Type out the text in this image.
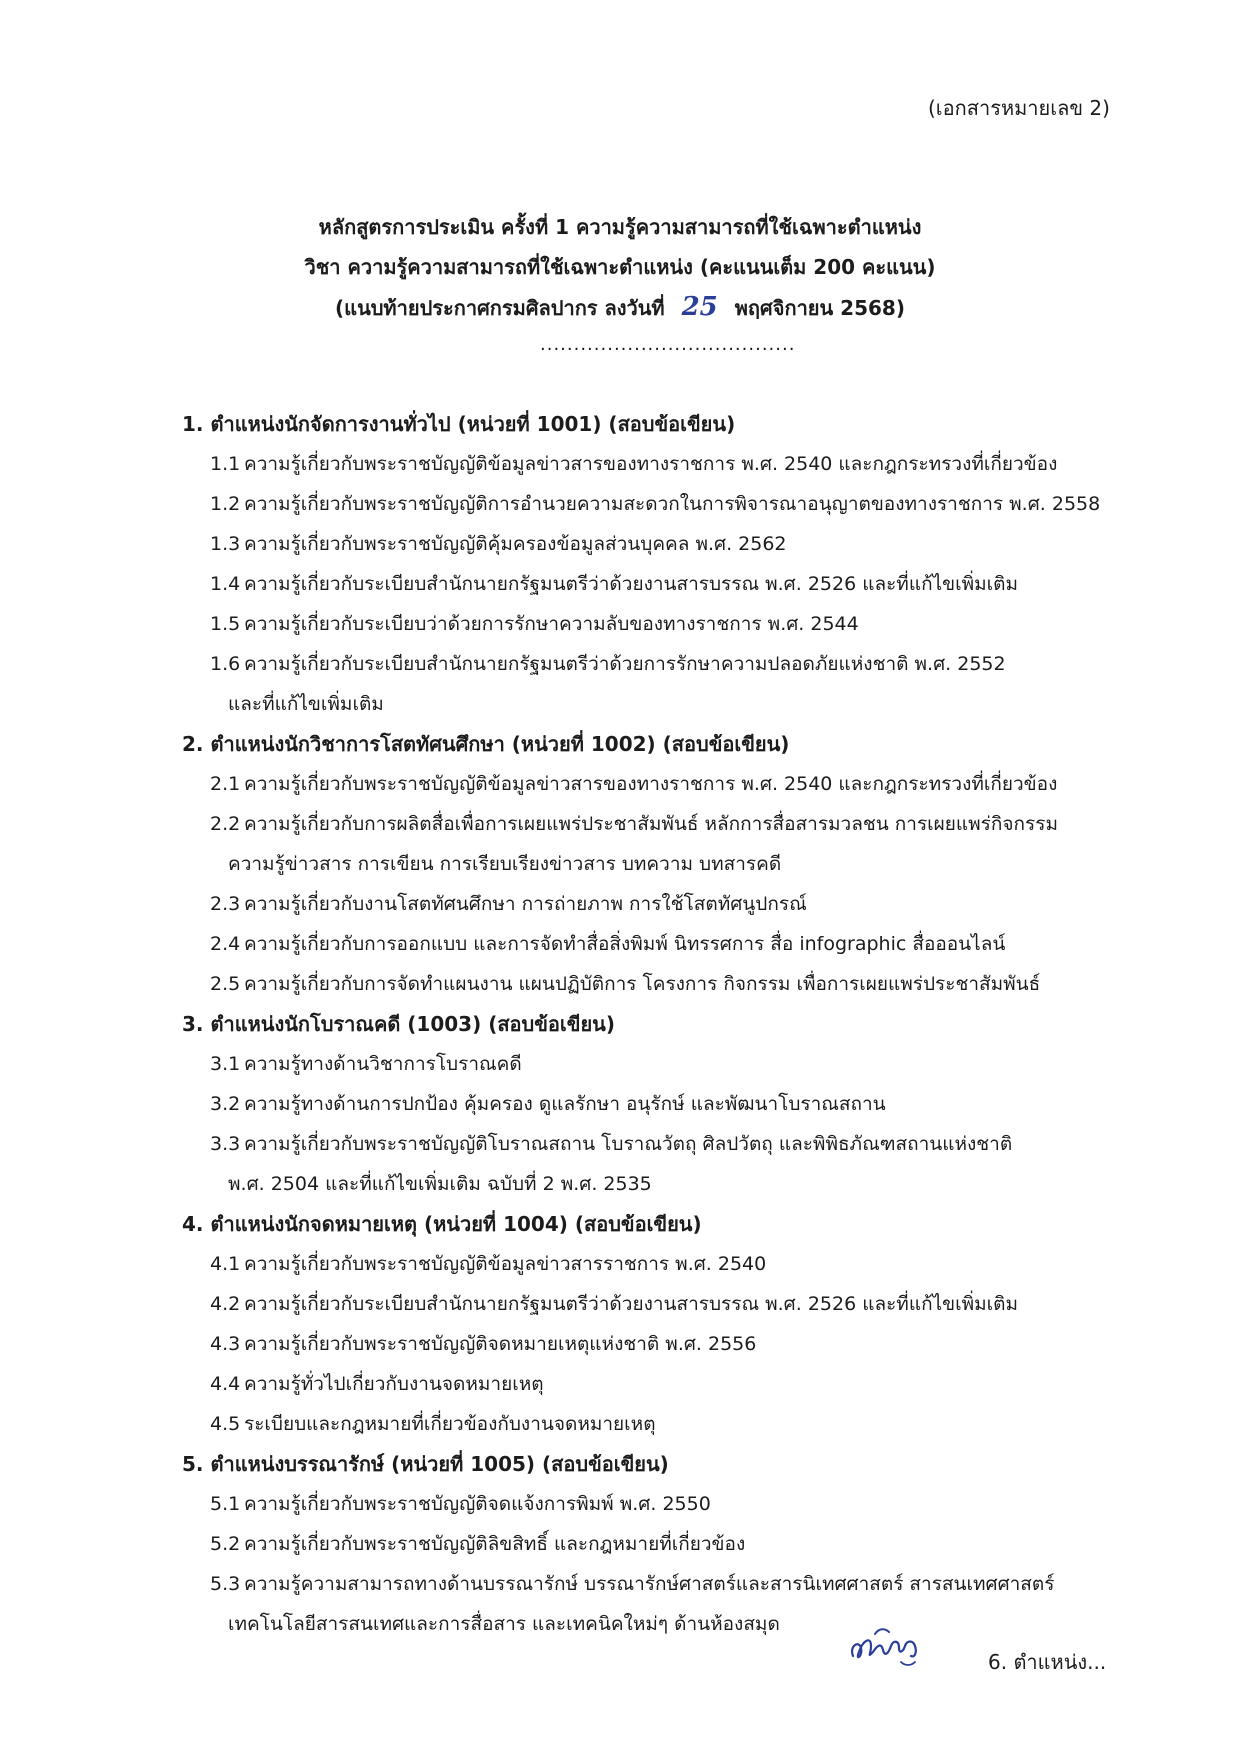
(เอกสารหมายเลข 2)
หลักสูตรการประเมิน ครั้งที่ 1 ความรู้ความสามารถที่ใช้เฉพาะตำแหน่ง
วิชา ความรู้ความสามารถที่ใช้เฉพาะตำแหน่ง (คะแนนเต็ม 200 คะแนน)
(แนบท้ายประกาศกรมศิลปากร ลงวันที่ 25 พฤศจิกายน 2568)
......................................
1. ตำแหน่งนักจัดการงานทั่วไป (หน่วยที่ 1001) (สอบข้อเขียน)
1.1 ความรู้เกี่ยวกับพระราชบัญญัติข้อมูลข่าวสารของทางราชการ พ.ศ. 2540 และกฎกระทรวงที่เกี่ยวข้อง
1.2 ความรู้เกี่ยวกับพระราชบัญญัติการอำนวยความสะดวกในการพิจารณาอนุญาตของทางราชการ พ.ศ. 2558
1.3 ความรู้เกี่ยวกับพระราชบัญญัติคุ้มครองข้อมูลส่วนบุคคล พ.ศ. 2562
1.4 ความรู้เกี่ยวกับระเบียบสำนักนายกรัฐมนตรีว่าด้วยงานสารบรรณ พ.ศ. 2526 และที่แก้ไขเพิ่มเติม
1.5 ความรู้เกี่ยวกับระเบียบว่าด้วยการรักษาความลับของทางราชการ พ.ศ. 2544
1.6 ความรู้เกี่ยวกับระเบียบสำนักนายกรัฐมนตรีว่าด้วยการรักษาความปลอดภัยแห่งชาติ พ.ศ. 2552
และที่แก้ไขเพิ่มเติม
2. ตำแหน่งนักวิชาการโสตทัศนศึกษา (หน่วยที่ 1002) (สอบข้อเขียน)
2.1 ความรู้เกี่ยวกับพระราชบัญญัติข้อมูลข่าวสารของทางราชการ พ.ศ. 2540 และกฎกระทรวงที่เกี่ยวข้อง
2.2 ความรู้เกี่ยวกับการผลิตสื่อเพื่อการเผยแพร่ประชาสัมพันธ์ หลักการสื่อสารมวลชน การเผยแพร่กิจกรรม
ความรู้ข่าวสาร การเขียน การเรียบเรียงข่าวสาร บทความ บทสารคดี
2.3 ความรู้เกี่ยวกับงานโสตทัศนศึกษา การถ่ายภาพ การใช้โสตทัศนูปกรณ์
2.4 ความรู้เกี่ยวกับการออกแบบ และการจัดทำสื่อสิ่งพิมพ์ นิทรรศการ สื่อ infographic สื่อออนไลน์
2.5 ความรู้เกี่ยวกับการจัดทำแผนงาน แผนปฏิบัติการ โครงการ กิจกรรม เพื่อการเผยแพร่ประชาสัมพันธ์
3. ตำแหน่งนักโบราณคดี (1003) (สอบข้อเขียน)
3.1 ความรู้ทางด้านวิชาการโบราณคดี
3.2 ความรู้ทางด้านการปกป้อง คุ้มครอง ดูแลรักษา อนุรักษ์ และพัฒนาโบราณสถาน
3.3 ความรู้เกี่ยวกับพระราชบัญญัติโบราณสถาน โบราณวัตถุ ศิลปวัตถุ และพิพิธภัณฑสถานแห่งชาติ
พ.ศ. 2504 และที่แก้ไขเพิ่มเติม ฉบับที่ 2 พ.ศ. 2535
4. ตำแหน่งนักจดหมายเหตุ (หน่วยที่ 1004) (สอบข้อเขียน)
4.1 ความรู้เกี่ยวกับพระราชบัญญัติข้อมูลข่าวสารราชการ พ.ศ. 2540
4.2 ความรู้เกี่ยวกับระเบียบสำนักนายกรัฐมนตรีว่าด้วยงานสารบรรณ พ.ศ. 2526 และที่แก้ไขเพิ่มเติม
4.3 ความรู้เกี่ยวกับพระราชบัญญัติจดหมายเหตุแห่งชาติ พ.ศ. 2556
4.4 ความรู้ทั่วไปเกี่ยวกับงานจดหมายเหตุ
4.5 ระเบียบและกฎหมายที่เกี่ยวข้องกับงานจดหมายเหตุ
5. ตำแหน่งบรรณารักษ์ (หน่วยที่ 1005) (สอบข้อเขียน)
5.1 ความรู้เกี่ยวกับพระราชบัญญัติจดแจ้งการพิมพ์ พ.ศ. 2550
5.2 ความรู้เกี่ยวกับพระราชบัญญัติลิขสิทธิ์ และกฎหมายที่เกี่ยวข้อง
5.3 ความรู้ความสามารถทางด้านบรรณารักษ์ บรรณารักษ์ศาสตร์และสารนิเทศศาสตร์ สารสนเทศศาสตร์
เทคโนโลยีสารสนเทศและการสื่อสาร และเทคนิคใหม่ๆ ด้านห้องสมุด
6. ตำแหน่ง...
